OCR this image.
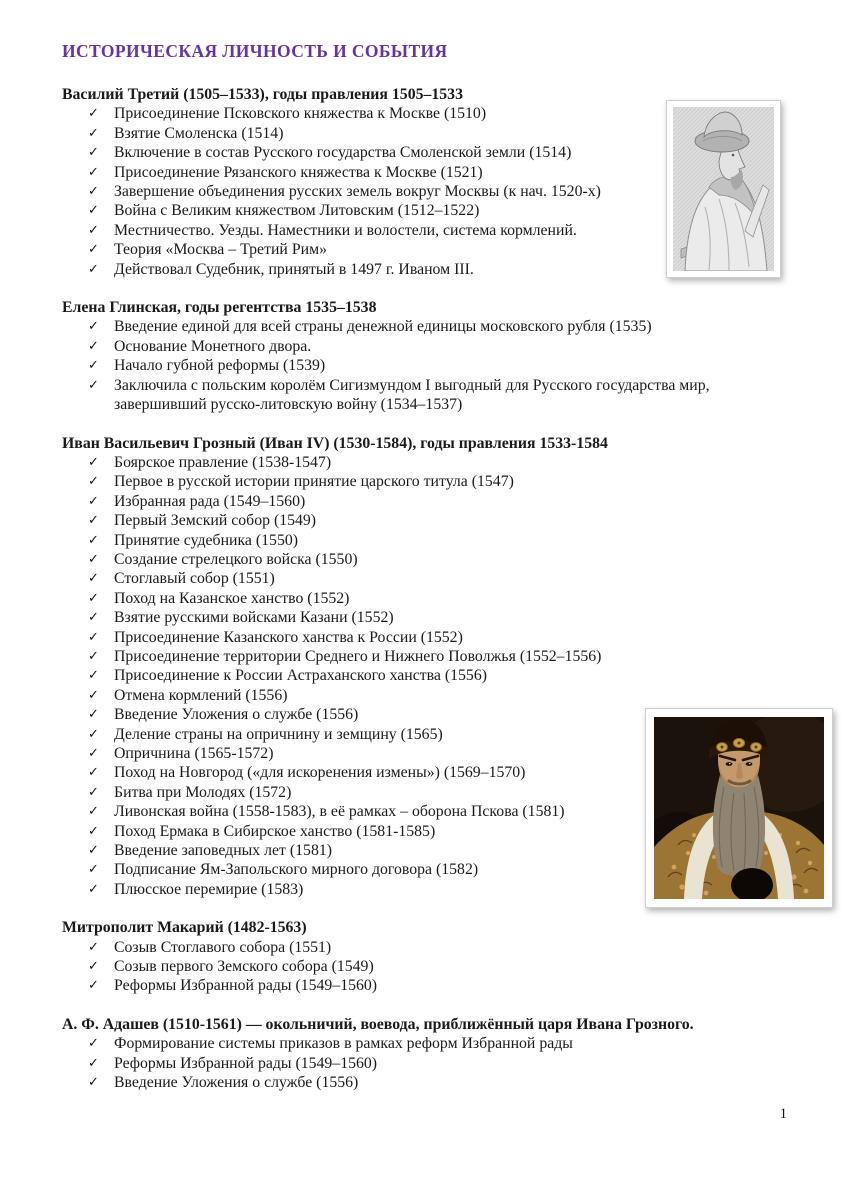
ИСТОРИЧЕСКАЯ ЛИЧНОСТЬ И СОБЫТИЯ
Василий Третий (1505–1533), годы правления 1505–1533
✓ Присоединение Псковского княжества к Москве (1510)
✓ Взятие Смоленска (1514)
✓ Включение в состав Русского государства Смоленской земли (1514)
✓ Присоединение Рязанского княжества к Москве (1521)
✓ Завершение объединения русских земель вокруг Москвы (к нач. 1520-х)
✓ Война с Великим княжеством Литовским (1512–1522)
✓ Местничество. Уезды. Наместники и волостели, система кормлений.
✓ Теория «Москва – Третий Рим»
✓ Действовал Судебник, принятый в 1497 г. Иваном III.
Елена Глинская, годы регентства 1535–1538
✓ Введение единой для всей страны денежной единицы московского рубля (1535)
✓ Основание Монетного двора.
✓ Начало губной реформы (1539)
✓ Заключила с польским королём Сигизмундом I выгодный для Русского государства мир, завершивший русско-литовскую войну (1534–1537)
Иван Васильевич Грозный (Иван IV) (1530-1584), годы правления 1533-1584
✓ Боярское правление (1538-1547)
✓ Первое в русской истории принятие царского титула (1547)
✓ Избранная рада (1549–1560)
✓ Первый Земский собор (1549)
✓ Принятие судебника (1550)
✓ Создание стрелецкого войска (1550)
✓ Стоглавый собор (1551)
✓ Поход на Казанское ханство (1552)
✓ Взятие русскими войсками Казани (1552)
✓ Присоединение Казанского ханства к России (1552)
✓ Присоединение территории Среднего и Нижнего Поволжья (1552–1556)
✓ Присоединение к России Астраханского ханства (1556)
✓ Отмена кормлений (1556)
✓ Введение Уложения о службе (1556)
✓ Деление страны на опричнину и земщину (1565)
✓ Опричнина (1565-1572)
✓ Поход на Новгород («для искоренения измены») (1569–1570)
✓ Битва при Молодях (1572)
✓ Ливонская война (1558-1583), в её рамках – оборона Пскова (1581)
✓ Поход Ермака в Сибирское ханство (1581-1585)
✓ Введение заповедных лет (1581)
✓ Подписание Ям-Запольского мирного договора (1582)
✓ Плюсское перемирие (1583)
Митрополит Макарий (1482-1563)
✓ Созыв Стоглавого собора (1551)
✓ Созыв первого Земского собора (1549)
✓ Реформы Избранной рады (1549–1560)
А. Ф. Адашев (1510-1561) — окольничий, воевода, приближённый царя Ивана Грозного.
✓ Формирование системы приказов в рамках реформ Избранной рады
✓ Реформы Избранной рады (1549–1560)
✓ Введение Уложения о службе (1556)
1
